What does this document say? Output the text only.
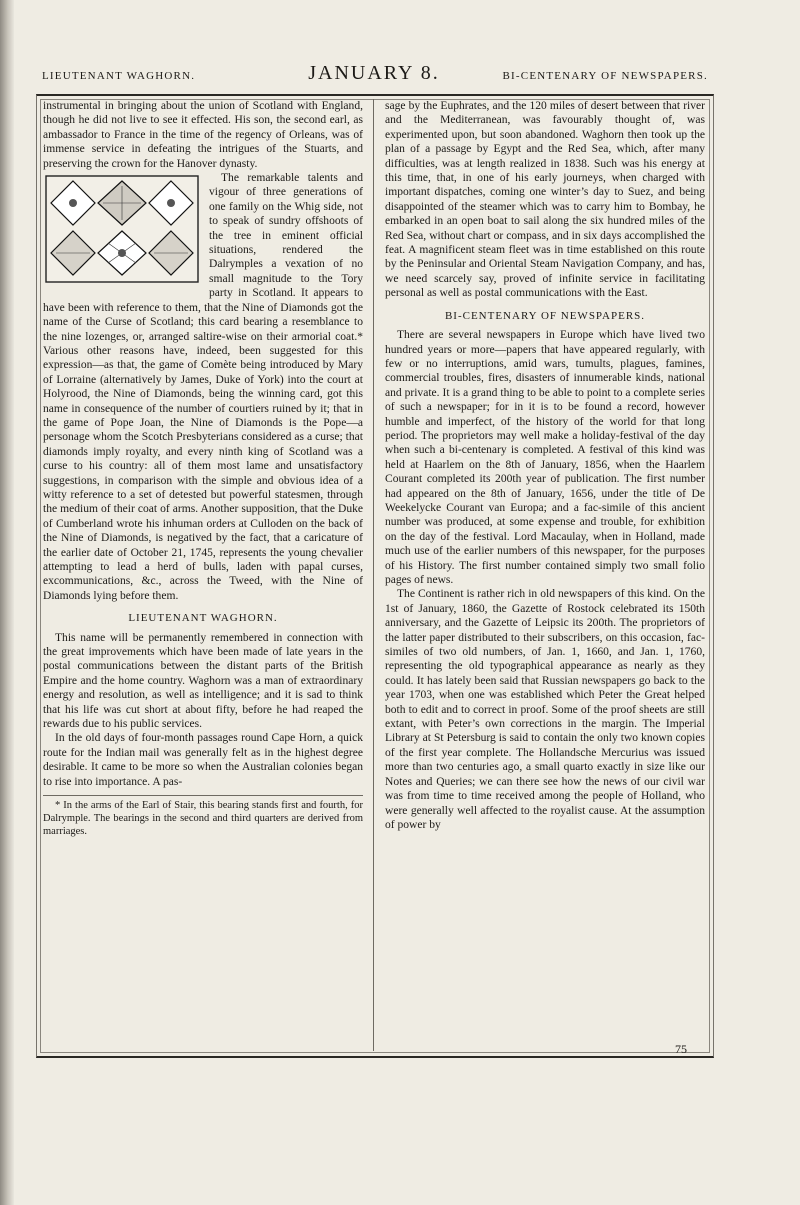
LIEUTENANT WAGHORN.	JANUARY 8.	BI-CENTENARY OF NEWSPAPERS.

instrumental in bringing about the union of Scotland with England, though he did not live to see it effected. His son, the second earl, as ambassador to France in the time of the regency of Orleans, was of immense service in defeating the intrigues of the Stuarts, and preserving the crown for the Hanover dynasty.

The remarkable talents and vigour of three generations of one family on the Whig side, not to speak of sundry offshoots of the tree in eminent official situations, rendered the Dalrymples a vexation of no small magnitude to the Tory party in Scotland. It appears to have been with reference to them, that the Nine of Diamonds got the name of the Curse of Scotland; this card bearing a resemblance to the nine lozenges, or, arranged saltire-wise on their armorial coat.* Various other reasons have, indeed, been suggested for this expression—as that, the game of Comète being introduced by Mary of Lorraine (alternatively by James, Duke of York) into the court at Holyrood, the Nine of Diamonds, being the winning card, got this name in consequence of the number of courtiers ruined by it; that in the game of Pope Joan, the Nine of Diamonds is the Pope—a personage whom the Scotch Presbyterians considered as a curse; that diamonds imply royalty, and every ninth king of Scotland was a curse to his country: all of them most lame and unsatisfactory suggestions, in comparison with the simple and obvious idea of a witty reference to a set of detested but powerful statesmen, through the medium of their coat of arms. Another supposition, that the Duke of Cumberland wrote his inhuman orders at Culloden on the back of the Nine of Diamonds, is negatived by the fact, that a caricature of the earlier date of October 21, 1745, represents the young chevalier attempting to lead a herd of bulls, laden with papal curses, excommunications, &c., across the Tweed, with the Nine of Diamonds lying before them.

LIEUTENANT WAGHORN.

This name will be permanently remembered in connection with the great improvements which have been made of late years in the postal communications between the distant parts of the British Empire and the home country. Waghorn was a man of extraordinary energy and resolution, as well as intelligence; and it is sad to think that his life was cut short at about fifty, before he had reaped the rewards due to his public services.

In the old days of four-month passages round Cape Horn, a quick route for the Indian mail was generally felt as in the highest degree desirable. It came to be more so when the Australian colonies began to rise into importance. A pas-

* In the arms of the Earl of Stair, this bearing stands first and fourth, for Dalrymple. The bearings in the second and third quarters are derived from marriages.

sage by the Euphrates, and the 120 miles of desert between that river and the Mediterranean, was favourably thought of, was experimented upon, but soon abandoned. Waghorn then took up the plan of a passage by Egypt and the Red Sea, which, after many difficulties, was at length realized in 1838. Such was his energy at this time, that, in one of his early journeys, when charged with important dispatches, coming one winter’s day to Suez, and being disappointed of the steamer which was to carry him to Bombay, he embarked in an open boat to sail along the six hundred miles of the Red Sea, without chart or compass, and in six days accomplished the feat. A magnificent steam fleet was in time established on this route by the Peninsular and Oriental Steam Navigation Company, and has, we need scarcely say, proved of infinite service in facilitating personal as well as postal communications with the East.

BI-CENTENARY OF NEWSPAPERS.

There are several newspapers in Europe which have lived two hundred years or more—papers that have appeared regularly, with few or no interruptions, amid wars, tumults, plagues, famines, commercial troubles, fires, disasters of innumerable kinds, national and private. It is a grand thing to be able to point to a complete series of such a newspaper; for in it is to be found a record, however humble and imperfect, of the history of the world for that long period. The proprietors may well make a holiday-festival of the day when such a bi-centenary is completed. A festival of this kind was held at Haarlem on the 8th of January, 1856, when the Haarlem Courant completed its 200th year of publication. The first number had appeared on the 8th of January, 1656, under the title of De Weekelycke Courant van Europa; and a fac-simile of this ancient number was produced, at some expense and trouble, for exhibition on the day of the festival. Lord Macaulay, when in Holland, made much use of the earlier numbers of this newspaper, for the purposes of his History. The first number contained simply two small folio pages of news.

The Continent is rather rich in old newspapers of this kind. On the 1st of January, 1860, the Gazette of Rostock celebrated its 150th anniversary, and the Gazette of Leipsic its 200th. The proprietors of the latter paper distributed to their subscribers, on this occasion, fac-similes of two old numbers, of Jan. 1, 1660, and Jan. 1, 1760, representing the old typographical appearance as nearly as they could. It has lately been said that Russian newspapers go back to the year 1703, when one was established which Peter the Great helped both to edit and to correct in proof. Some of the proof sheets are still extant, with Peter’s own corrections in the margin. The Imperial Library at St Petersburg is said to contain the only two known copies of the first year complete. The Hollandsche Mercurius was issued more than two centuries ago, a small quarto exactly in size like our Notes and Queries; we can there see how the news of our civil war was from time to time received among the people of Holland, who were generally well affected to the royalist cause. At the assumption of power by

75
